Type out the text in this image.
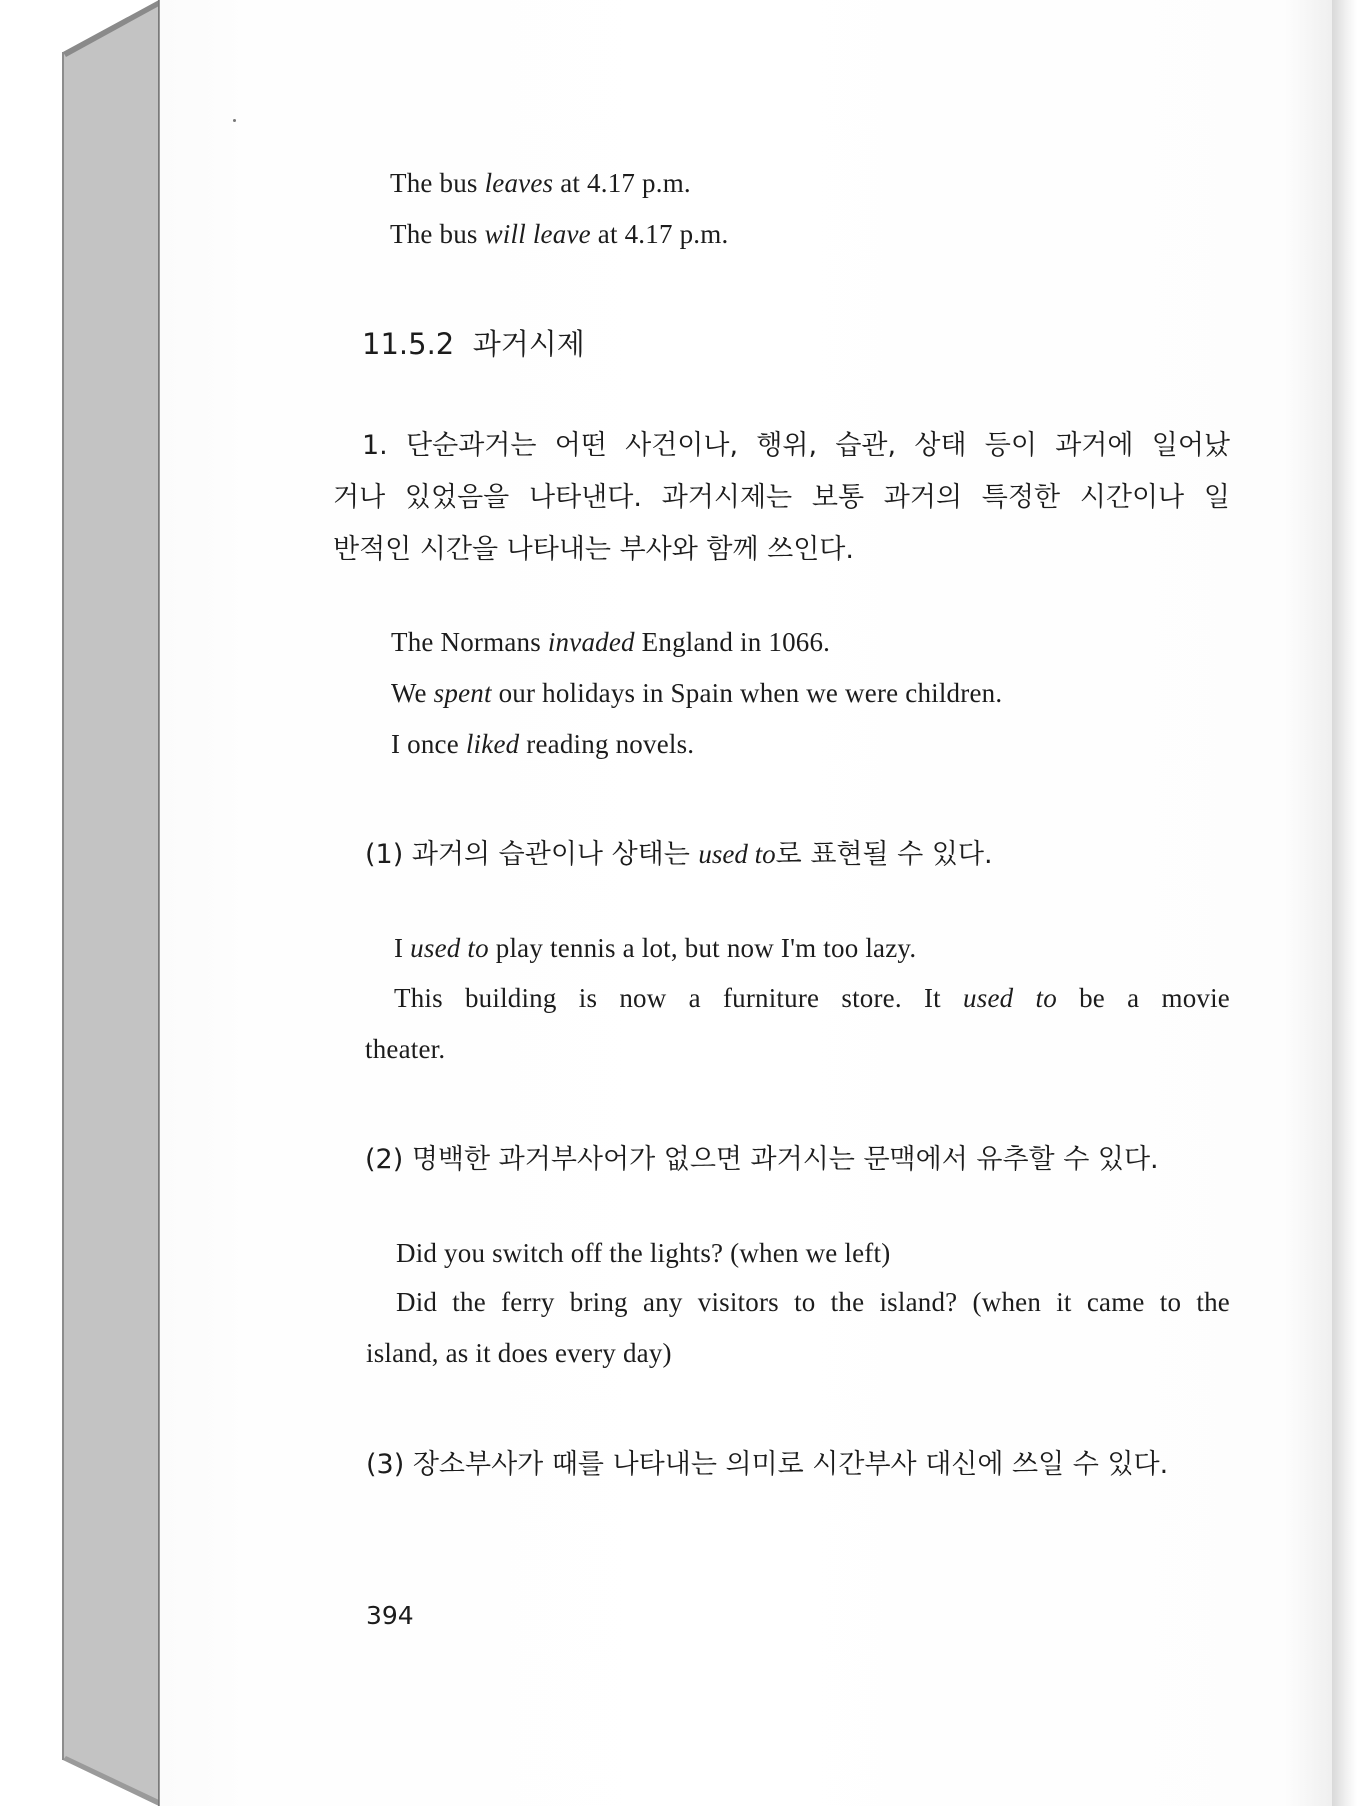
The bus leaves at 4.17 p.m.
The bus will leave at 4.17 p.m.
11.5.2 과거시제
1. 단순과거는 어떤 사건이나, 행위, 습관, 상태 등이 과거에 일어났
거나 있었음을 나타낸다. 과거시제는 보통 과거의 특정한 시간이나 일
반적인 시간을 나타내는 부사와 함께 쓰인다.
The Normans invaded England in 1066.
We spent our holidays in Spain when we were children.
I once liked reading novels.
(1) 과거의 습관이나 상태는 used to로 표현될 수 있다.
I used to play tennis a lot, but now I'm too lazy.
This building is now a furniture store. It used to be a movie
theater.
(2) 명백한 과거부사어가 없으면 과거시는 문맥에서 유추할 수 있다.
Did you switch off the lights? (when we left)
Did the ferry bring any visitors to the island? (when it came to the
island, as it does every day)
(3) 장소부사가 때를 나타내는 의미로 시간부사 대신에 쓰일 수 있다.
394
